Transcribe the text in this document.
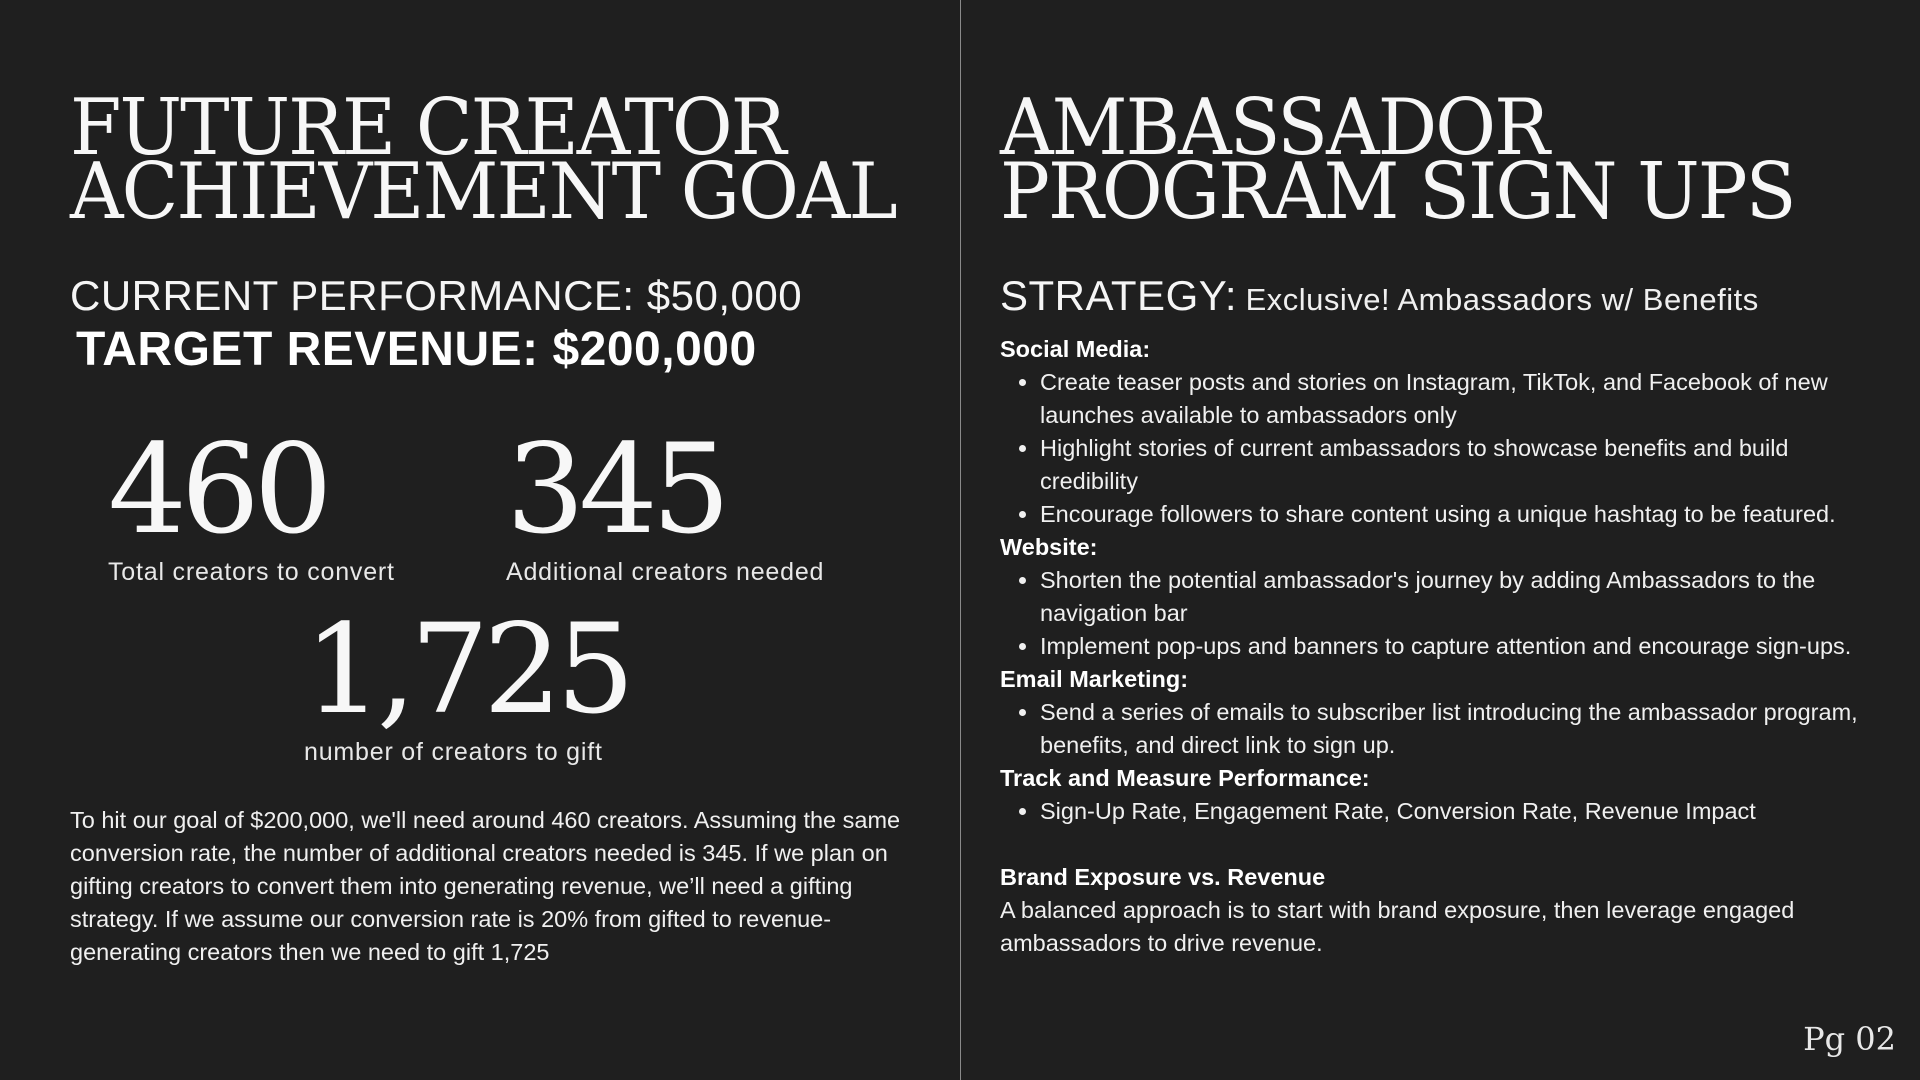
FUTURE CREATOR
ACHIEVEMENT GOAL
CURRENT PERFORMANCE: $50,000
TARGET REVENUE: $200,000
460
Total creators to convert
345
Additional creators needed
1,725
number of creators to gift
To hit our goal of $200,000, we'll need around 460 creators. Assuming the same conversion rate, the number of additional creators needed is 345. If we plan on gifting creators to convert them into generating revenue, we’ll need a gifting strategy. If we assume our conversion rate is 20% from gifted to revenue-generating creators then we need to gift 1,725
AMBASSADOR
PROGRAM SIGN UPS
STRATEGY: Exclusive! Ambassadors w/ Benefits

Social Media:

• Create teaser posts and stories on Instagram, TikTok, and Facebook of new launches available to ambassadors only
• Highlight stories of current ambassadors to showcase benefits and build credibility
• Encourage followers to share content using a unique hashtag to be featured.

Website:

• Shorten the potential ambassador's journey by adding Ambassadors to the navigation bar
• Implement pop-ups and banners to capture attention and encourage sign-ups.

Email Marketing:

• Send a series of emails to subscriber list introducing the ambassador program, benefits, and direct link to sign up.

Track and Measure Performance:

• Sign-Up Rate, Engagement Rate, Conversion Rate, Revenue Impact

Brand Exposure vs. Revenue

A balanced approach is to start with brand exposure, then leverage engaged ambassadors to drive revenue.
Pg 02
